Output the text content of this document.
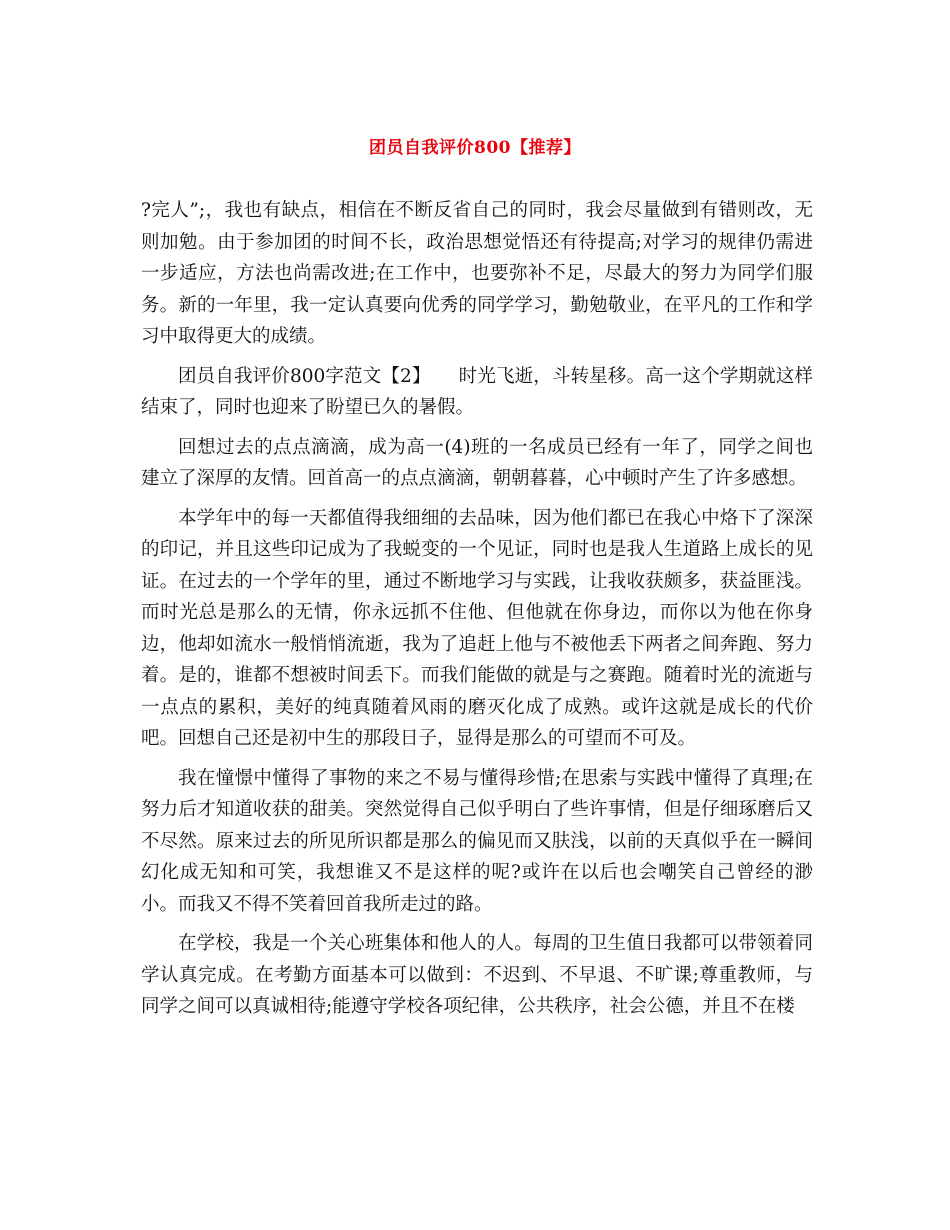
团员自我评价800【推荐】

?完人”;，我也有缺点，相信在不断反省自己的同时，我会尽量做到有错则改，无则加勉。由于参加团的时间不长，政治思想觉悟还有待提高;对学习的规律仍需进一步适应，方法也尚需改进;在工作中，也要弥补不足，尽最大的努力为同学们服务。新的一年里，我一定认真要向优秀的同学学习，勤勉敬业，在平凡的工作和学习中取得更大的成绩。

团员自我评价800字范文【2】　　时光飞逝，斗转星移。高一这个学期就这样结束了，同时也迎来了盼望已久的暑假。

回想过去的点点滴滴，成为高一(4)班的一名成员已经有一年了，同学之间也建立了深厚的友情。回首高一的点点滴滴，朝朝暮暮，心中顿时产生了许多感想。

本学年中的每一天都值得我细细的去品味，因为他们都已在我心中烙下了深深的印记，并且这些印记成为了我蜕变的一个见证，同时也是我人生道路上成长的见证。在过去的一个学年的里，通过不断地学习与实践，让我收获颇多，获益匪浅。而时光总是那么的无情，你永远抓不住他、但他就在你身边，而你以为他在你身边，他却如流水一般悄悄流逝，我为了追赶上他与不被他丢下两者之间奔跑、努力着。是的，谁都不想被时间丢下。而我们能做的就是与之赛跑。随着时光的流逝与一点点的累积，美好的纯真随着风雨的磨灭化成了成熟。或许这就是成长的代价吧。回想自己还是初中生的那段日子，显得是那么的可望而不可及。

我在憧憬中懂得了事物的来之不易与懂得珍惜;在思索与实践中懂得了真理;在努力后才知道收获的甜美。突然觉得自己似乎明白了些许事情，但是仔细琢磨后又不尽然。原来过去的所见所识都是那么的偏见而又肤浅，以前的天真似乎在一瞬间幻化成无知和可笑，我想谁又不是这样的呢?或许在以后也会嘲笑自己曾经的渺小。而我又不得不笑着回首我所走过的路。

在学校，我是一个关心班集体和他人的人。每周的卫生值日我都可以带领着同学认真完成。在考勤方面基本可以做到：不迟到、不早退、不旷课;尊重教师，与同学之间可以真诚相待;能遵守学校各项纪律，公共秩序，社会公德，并且不在楼
